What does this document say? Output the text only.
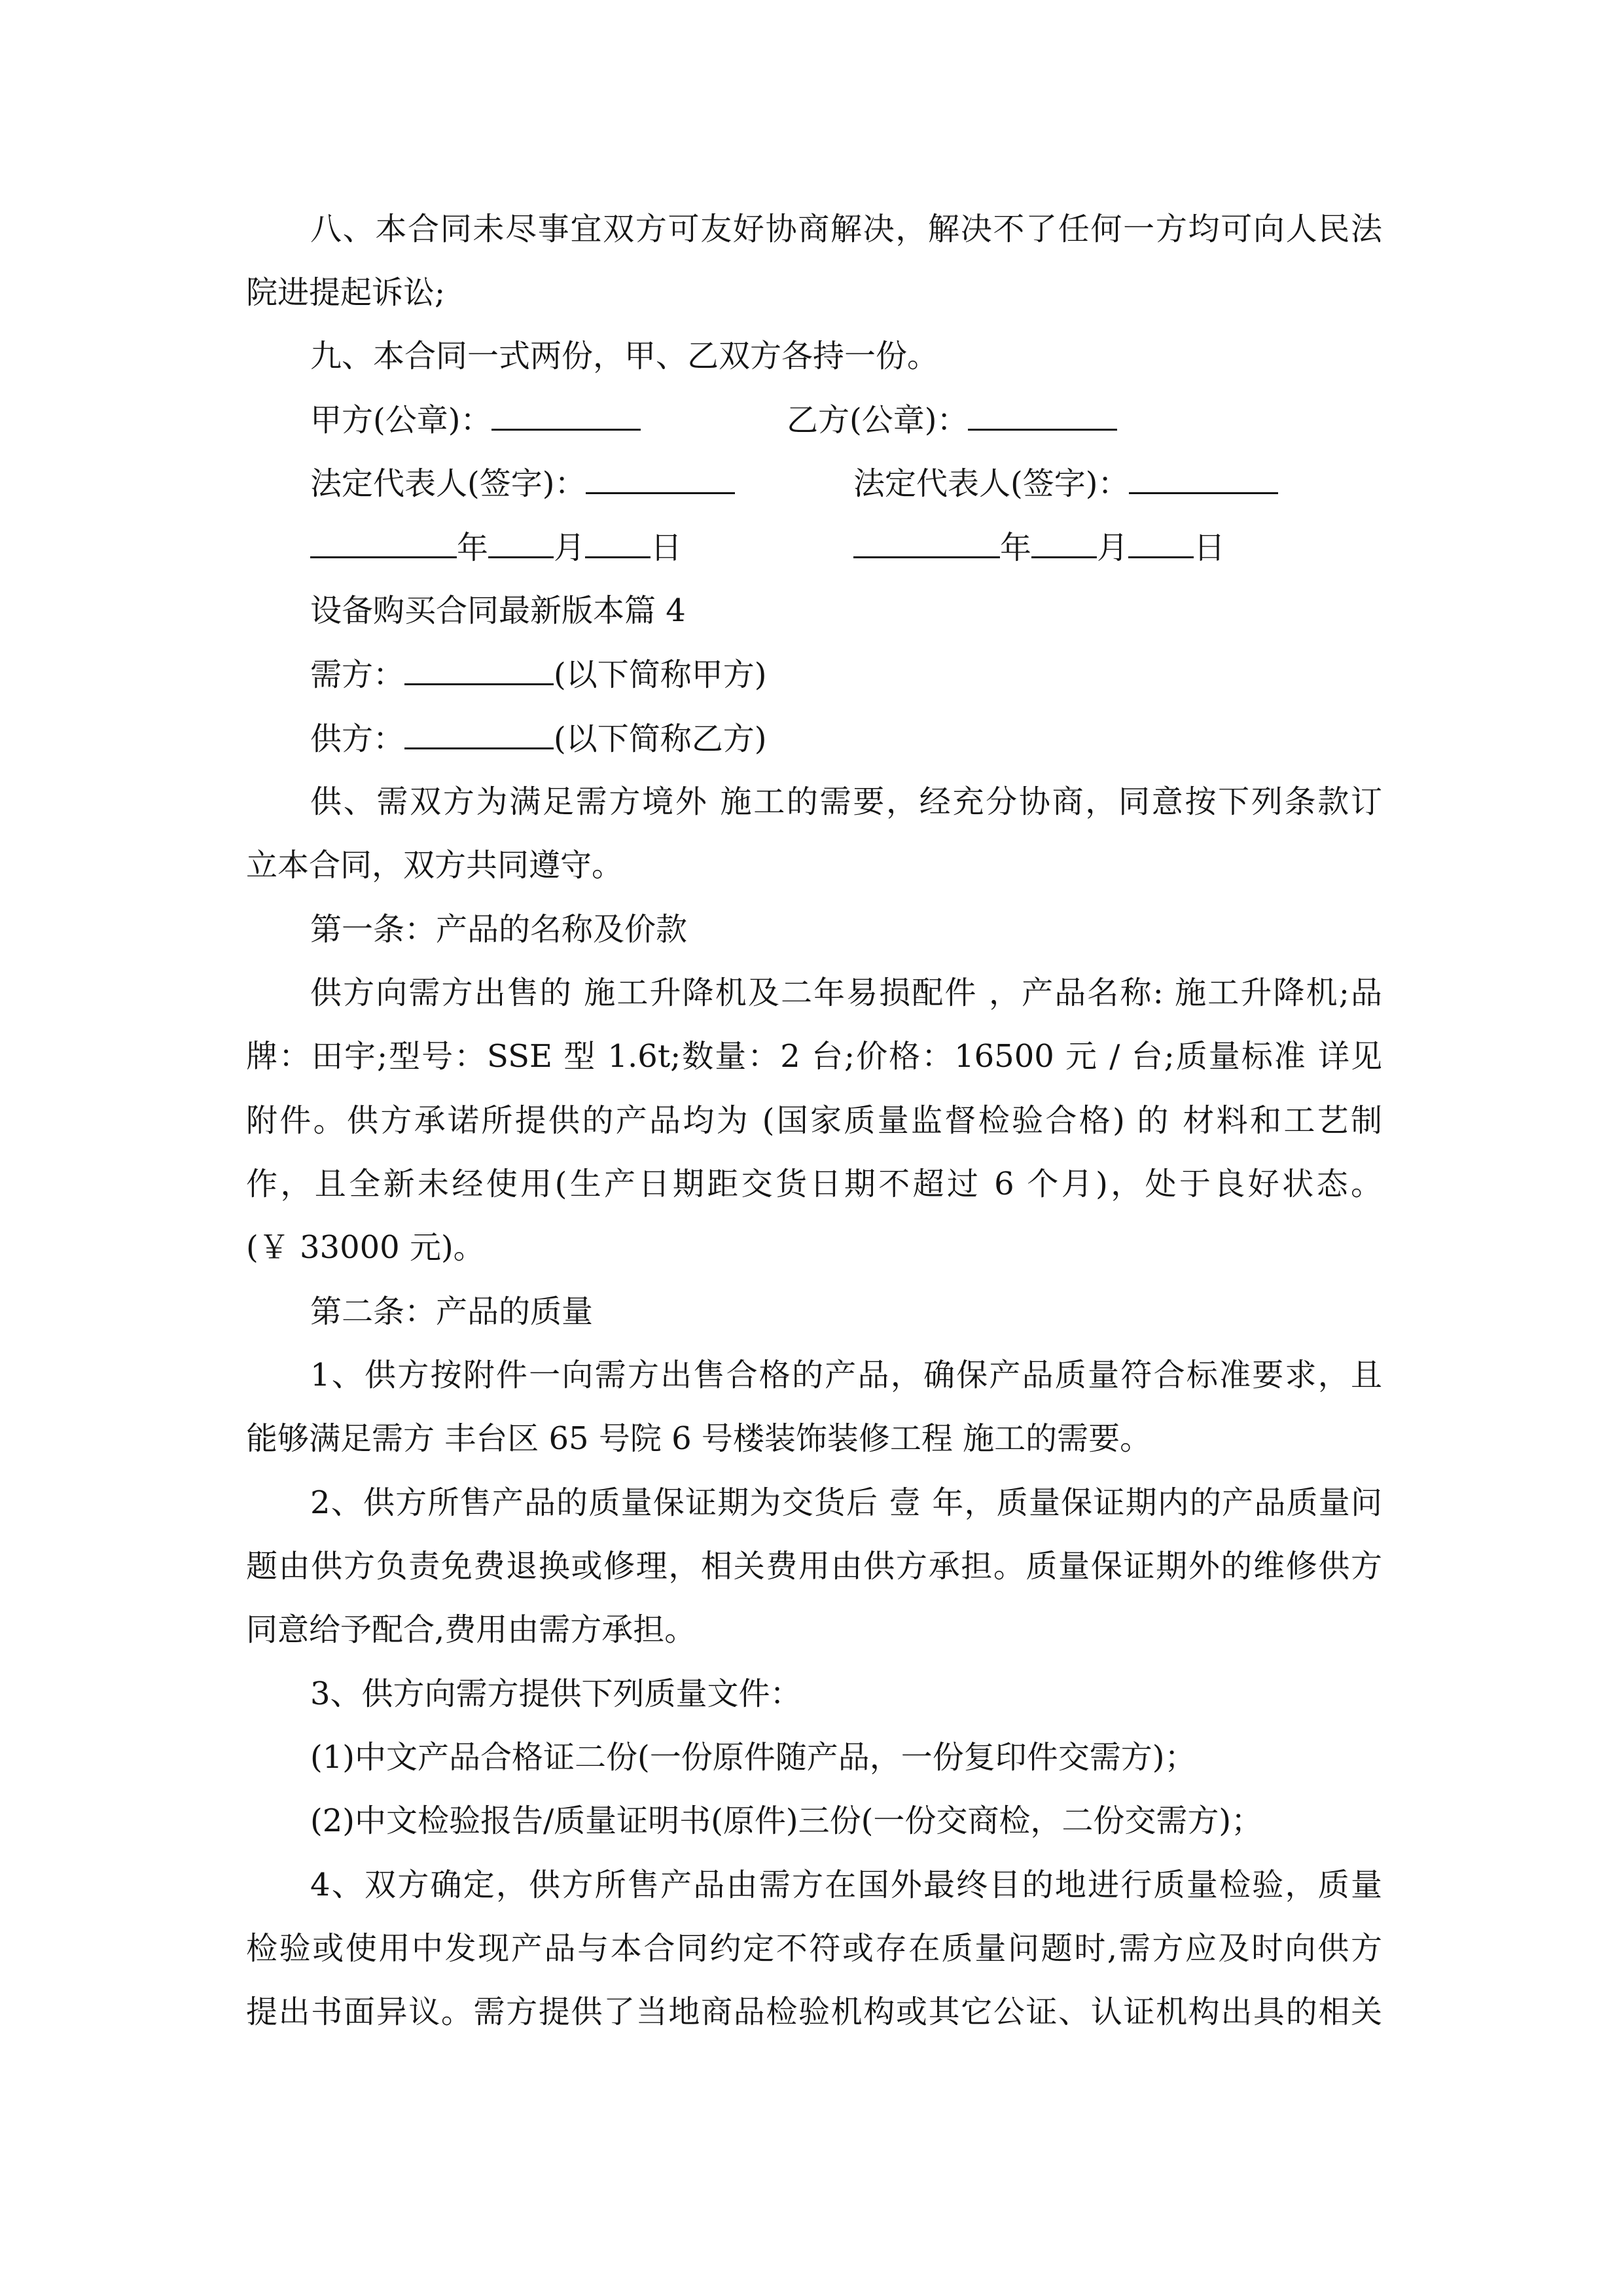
八、本合同未尽事宜双方可友好协商解决，解决不了任何一方均可向人民法
院进提起诉讼;
九、本合同一式两份，甲、乙双方各持一份。
甲方(公章)：	乙方(公章)：
法定代表人(签字)：	法定代表人(签字)：
年 月 日	年 月 日
设备购买合同最新版本篇 4
需方：	(以下简称甲方)
供方：	(以下简称乙方)
供、需双方为满足需方境外 施工的需要，经充分协商，同意按下列条款订
立本合同，双方共同遵守。
第一条：产品的名称及价款
供方向需方出售的 施工升降机及二年易损配件 ，产品名称: 施工升降机;品
牌：田宇;型号：SSE 型 1.6t;数量：2 台;价格：16500 元 / 台;质量标准 详见
附件。供方承诺所提供的产品均为 (国家质量监督检验合格) 的 材料和工艺制
作，且全新未经使用(生产日期距交货日期不超过 6 个月)，处于良好状态。
(￥ 33000 元)。
第二条：产品的质量
1、供方按附件一向需方出售合格的产品，确保产品质量符合标准要求，且
能够满足需方 丰台区 65 号院 6 号楼装饰装修工程 施工的需要。
2、供方所售产品的质量保证期为交货后 壹 年，质量保证期内的产品质量问
题由供方负责免费退换或修理，相关费用由供方承担。质量保证期外的维修供方
同意给予配合,费用由需方承担。
3、供方向需方提供下列质量文件：
(1)中文产品合格证二份(一份原件随产品，一份复印件交需方)；
(2)中文检验报告/质量证明书(原件)三份(一份交商检，二份交需方)；
4、双方确定，供方所售产品由需方在国外最终目的地进行质量检验，质量
检验或使用中发现产品与本合同约定不符或存在质量问题时,需方应及时向供方
提出书面异议。需方提供了当地商品检验机构或其它公证、认证机构出具的相关
